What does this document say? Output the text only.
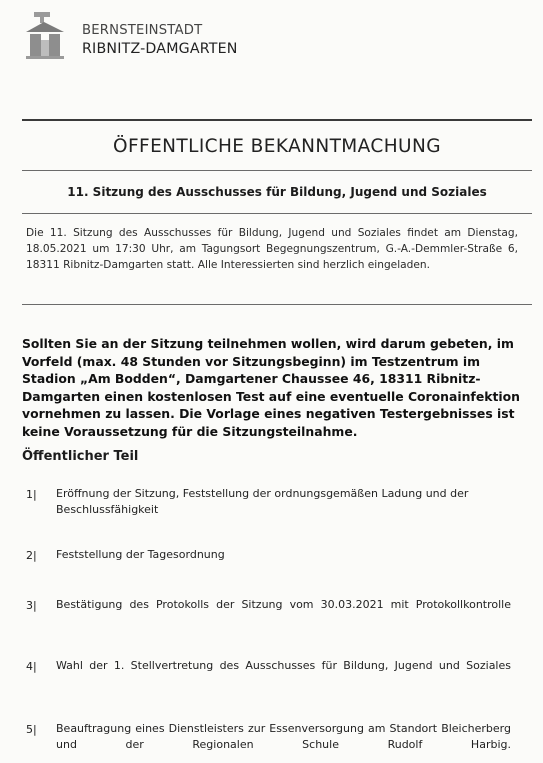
BERNSTEINSTADT
RIBNITZ-DAMGARTEN
ÖFFENTLICHE BEKANNTMACHUNG
11. Sitzung des Ausschusses für Bildung, Jugend und Soziales
Die 11. Sitzung des Ausschusses für Bildung, Jugend und Soziales findet am Dienstag, 18.05.2021 um 17:30 Uhr, am Tagungsort Begegnungszentrum, G.-A.-Demmler-Straße 6, 18311 Ribnitz-Damgarten statt. Alle Interessierten sind herzlich eingeladen.
Sollten Sie an der Sitzung teilnehmen wollen, wird darum gebeten, im Vorfeld (max. 48 Stunden vor Sitzungsbeginn) im Testzentrum im Stadion „Am Bodden“, Damgartener Chaussee 46, 18311 Ribnitz-Damgarten einen kostenlosen Test auf eine eventuelle Coronainfektion vornehmen zu lassen. Die Vorlage eines negativen Testergebnisses ist keine Voraussetzung für die Sitzungsteilnahme.
Öffentlicher Teil
1| Eröffnung der Sitzung, Feststellung der ordnungsgemäßen Ladung und der Beschlussfähigkeit
2| Feststellung der Tagesordnung
3| Bestätigung des Protokolls der Sitzung vom 30.03.2021 mit Protokollkontrolle
4| Wahl der 1. Stellvertretung des Ausschusses für Bildung, Jugend und Soziales
5| Beauftragung eines Dienstleisters zur Essenversorgung am Standort Bleicherberg und der Regionalen Schule Rudolf Harbig.
